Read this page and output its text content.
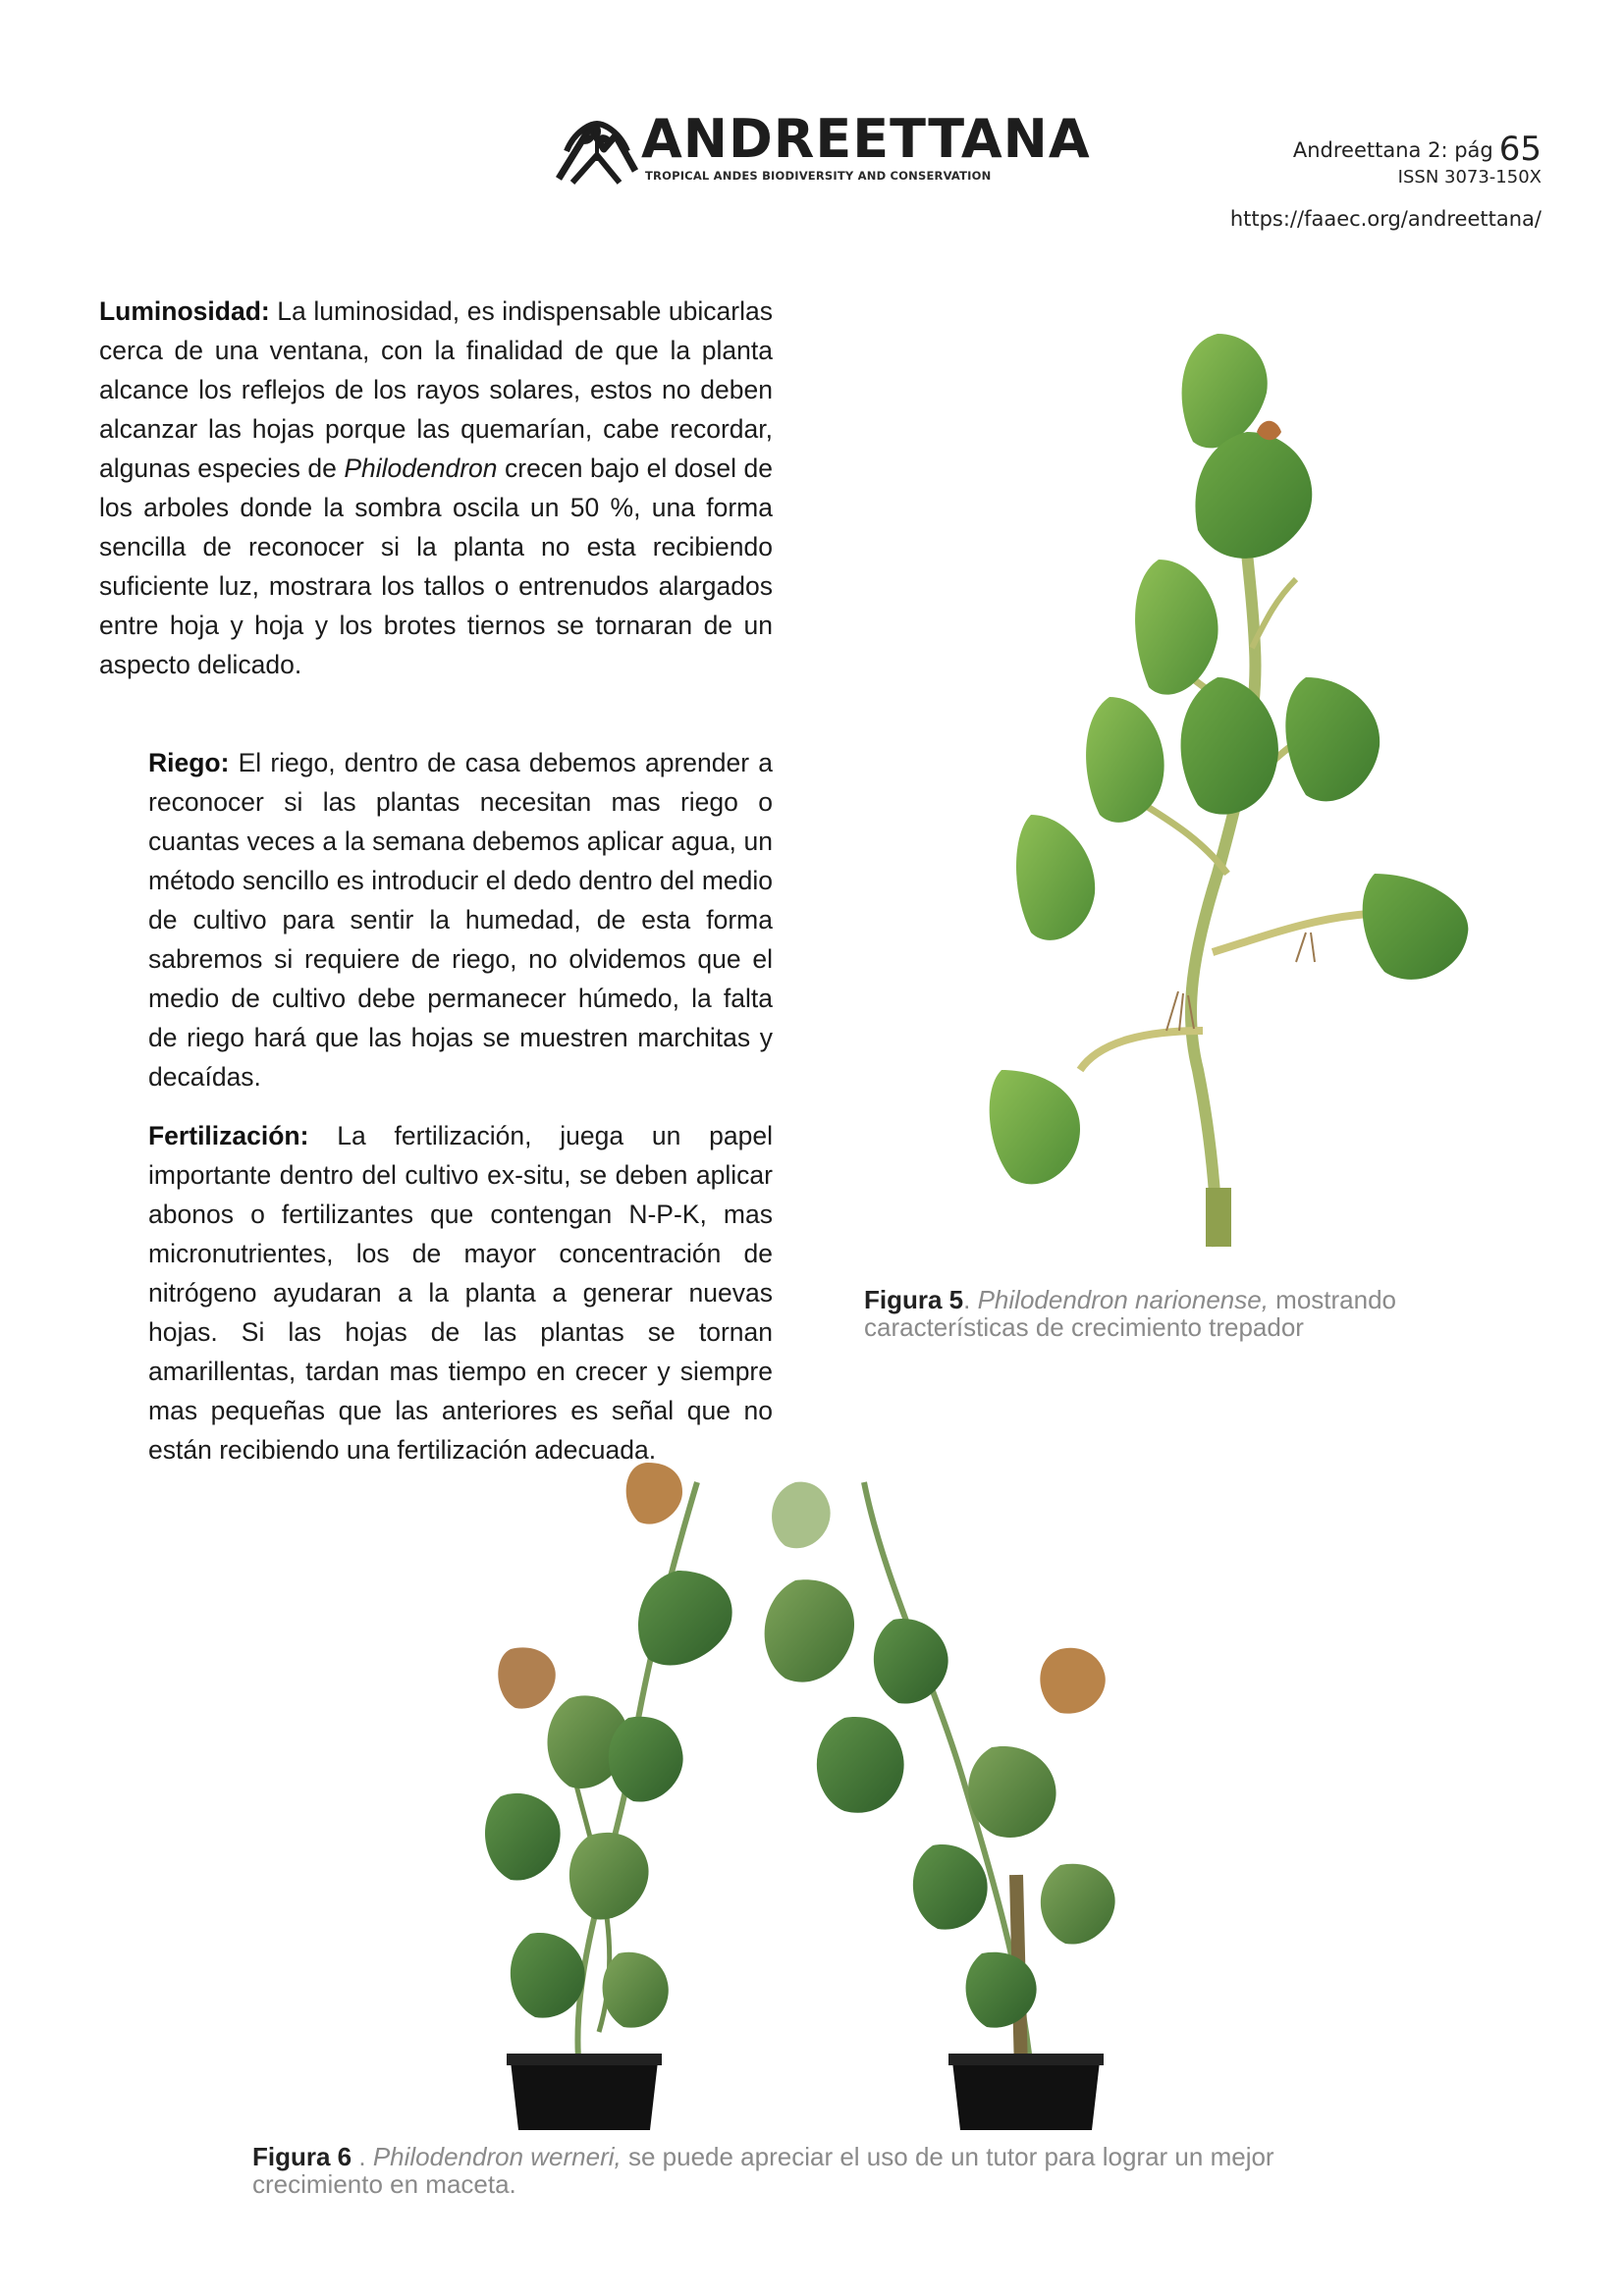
ANDREETTANA
TROPICAL ANDES BIODIVERSITY AND CONSERVATION
Andreettana 2: pág 65
ISSN 3073-150X
https://faaec.org/andreettana/
Luminosidad: La luminosidad, es indispensable ubicarlas cerca de una ventana, con la finalidad de que la planta alcance los reflejos de los rayos solares, estos no deben alcanzar las hojas porque las quemarían, cabe recordar, algunas especies de Philodendron crecen bajo el dosel de los arboles donde la sombra oscila un 50 %, una forma sencilla de reconocer si la planta no esta recibiendo suficiente luz, mostrara los tallos o entrenudos alargados entre hoja y hoja y los brotes tiernos se tornaran de un aspecto delicado.
Riego: El riego, dentro de casa debemos aprender a reconocer si las plantas necesitan mas riego o cuantas veces a la semana debemos aplicar agua, un método sencillo es introducir el dedo dentro del medio de cultivo para sentir la humedad, de esta forma sabremos si requiere de riego, no olvidemos que el medio de cultivo debe permanecer húmedo, la falta de riego hará que las hojas se muestren marchitas y decaídas.
Fertilización: La fertilización, juega un papel importante dentro del cultivo ex-situ, se deben aplicar abonos o fertilizantes que contengan N-P-K, mas micronutrientes, los de mayor concentración de nitrógeno ayudaran a la planta a generar nuevas hojas. Si las hojas de las plantas se tornan amarillentas, tardan mas tiempo en crecer y siempre mas pequeñas que las anteriores es señal que no están recibiendo una fertilización adecuada.
Figura 5. Philodendron narionense, mostrando características de crecimiento trepador
Figura 6 . Philodendron werneri, se puede apreciar el uso de un tutor para lograr un mejor crecimiento en maceta.
